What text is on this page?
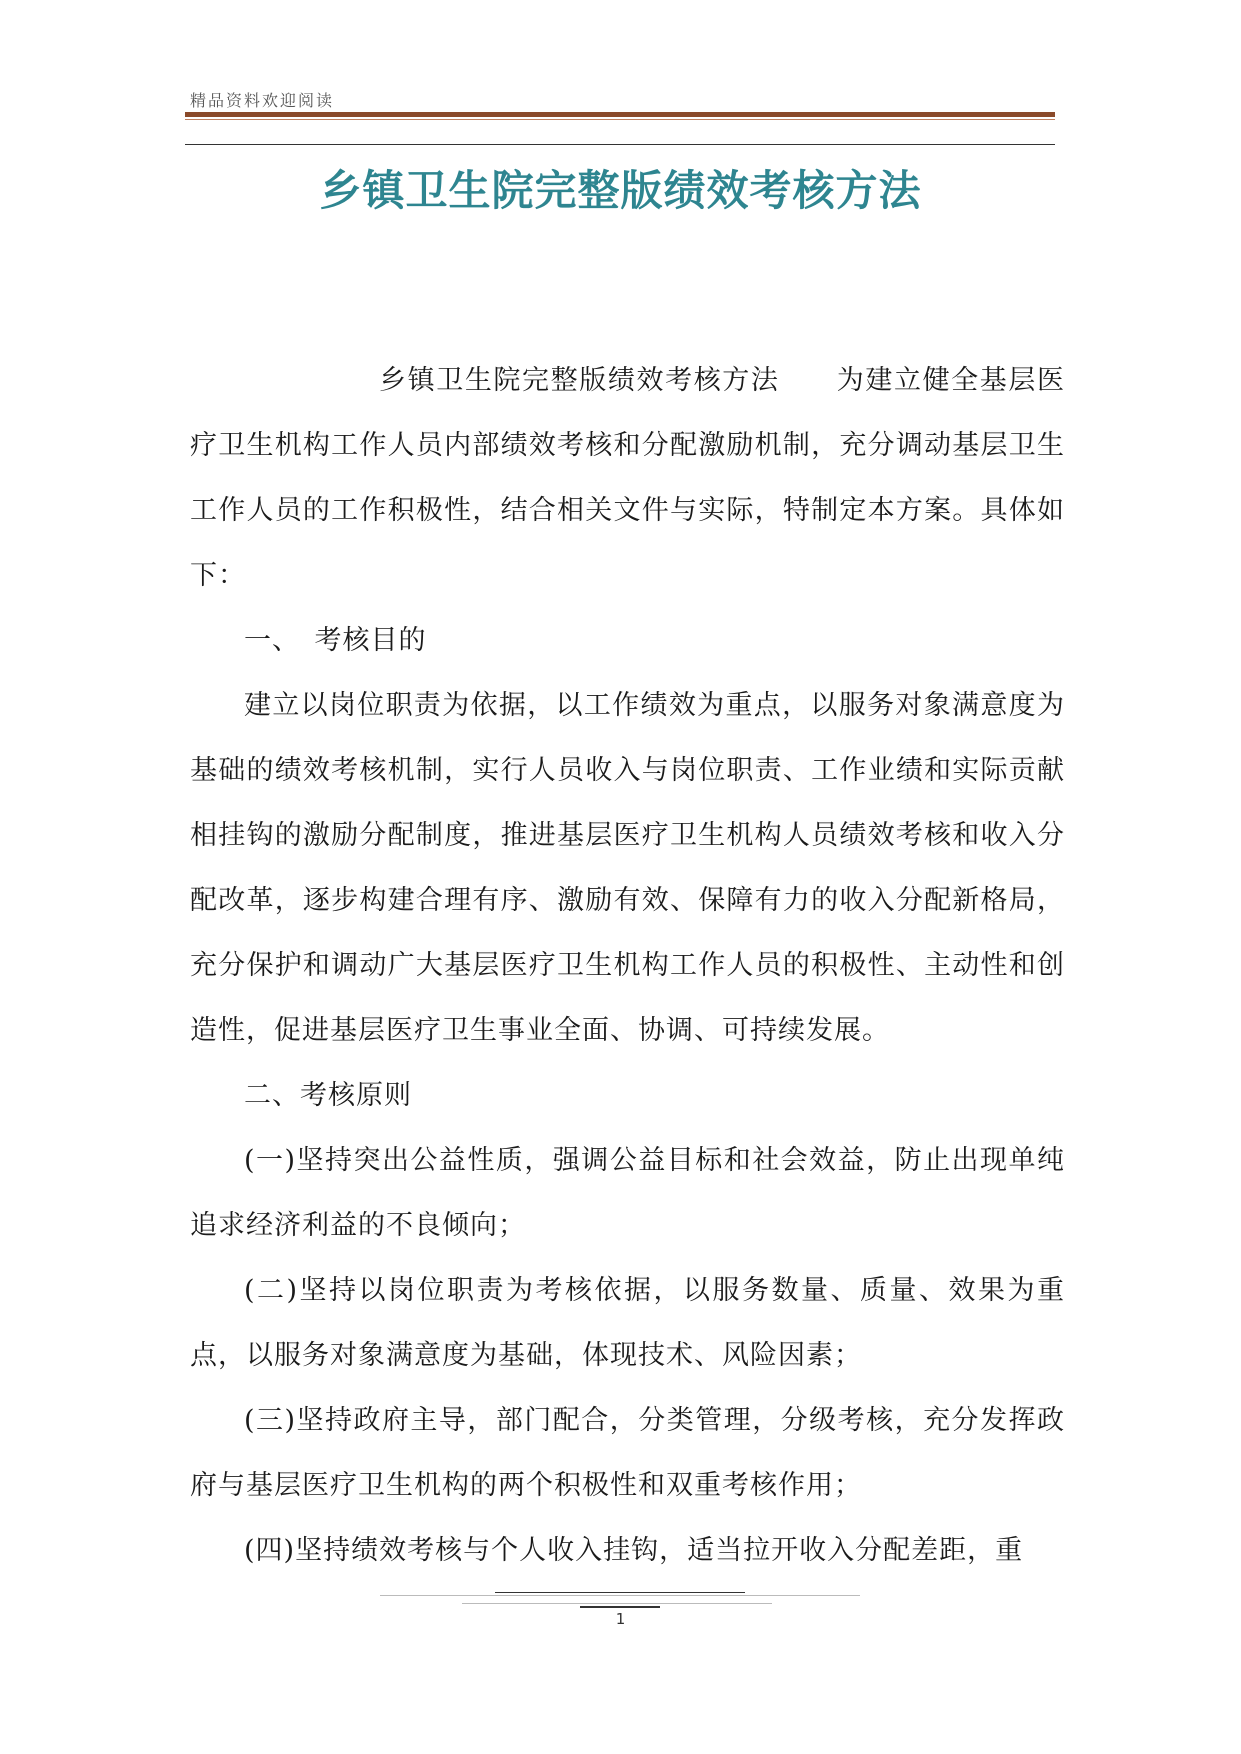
精品资料欢迎阅读
乡镇卫生院完整版绩效考核方法

乡镇卫生院完整版绩效考核方法　　为建立健全基层医疗卫生机构工作人员内部绩效考核和分配激励机制，充分调动基层卫生工作人员的工作积极性，结合相关文件与实际，特制定本方案。具体如下：

一、　考核目的

建立以岗位职责为依据，以工作绩效为重点，以服务对象满意度为基础的绩效考核机制，实行人员收入与岗位职责、工作业绩和实际贡献相挂钩的激励分配制度，推进基层医疗卫生机构人员绩效考核和收入分配改革，逐步构建合理有序、激励有效、保障有力的收入分配新格局，充分保护和调动广大基层医疗卫生机构工作人员的积极性、主动性和创造性，促进基层医疗卫生事业全面、协调、可持续发展。

二、考核原则

(一)坚持突出公益性质，强调公益目标和社会效益，防止出现单纯追求经济利益的不良倾向；

(二)坚持以岗位职责为考核依据，以服务数量、质量、效果为重点，以服务对象满意度为基础，体现技术、风险因素；

(三)坚持政府主导，部门配合，分类管理，分级考核，充分发挥政府与基层医疗卫生机构的两个积极性和双重考核作用；

(四)坚持绩效考核与个人收入挂钩，适当拉开收入分配差距，重

1
